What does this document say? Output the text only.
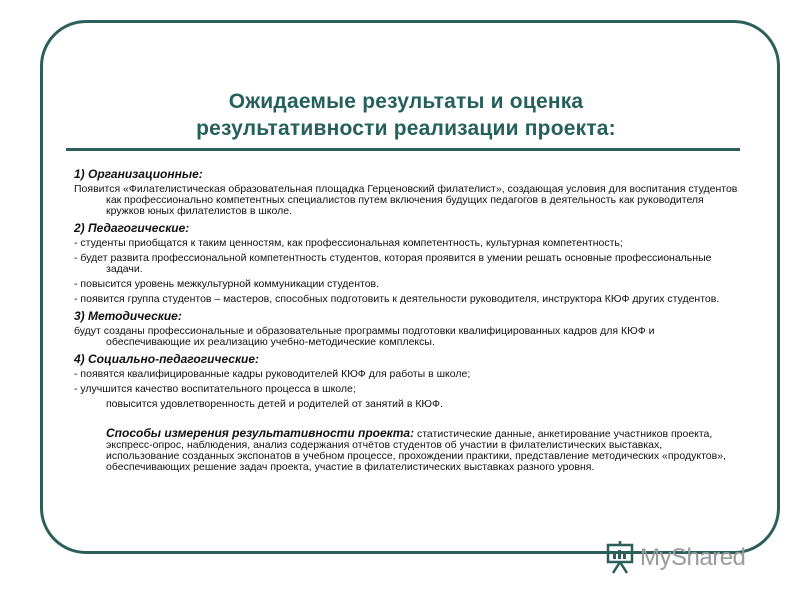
Ожидаемые результаты и оценка
результативности реализации проекта:
1) Организационные:
Появится «Филателистическая образовательная площадка Герценовский филателист», создающая условия для воспитания студентов как профессионально компетентных специалистов путем включения будущих педагогов в деятельность как руководителя кружков юных филателистов в школе.
2) Педагогические:
- студенты приобщатся к таким ценностям, как профессиональная компетентность, культурная компетентность;
- будет развита профессиональной компетентность студентов, которая проявится в умении решать основные профессиональные задачи.
- повысится уровень межкультурной коммуникации студентов.
- появится группа студентов – мастеров, способных подготовить к деятельности руководителя, инструктора КЮФ других студентов.
3) Методические:
будут созданы профессиональные и образовательные программы подготовки квалифицированных кадров для КЮФ и обеспечивающие их реализацию учебно-методические комплексы.
4) Социально-педагогические:
- появятся квалифицированные кадры руководителей КЮФ для работы в школе;
- улучшится качество воспитательного процесса в школе;
повысится удовлетворенность детей и родителей от занятий в КЮФ.
Способы измерения результативности проекта: статистические данные, анкетирование участников проекта, экспресс-опрос, наблюдения, анализ содержания отчётов студентов об участии в филателистических выставках, использование созданных экспонатов в учебном процессе, прохождении практики, представление методических «продуктов», обеспечивающих решение задач проекта, участие в филателистических выставках разного уровня.
MyShared
